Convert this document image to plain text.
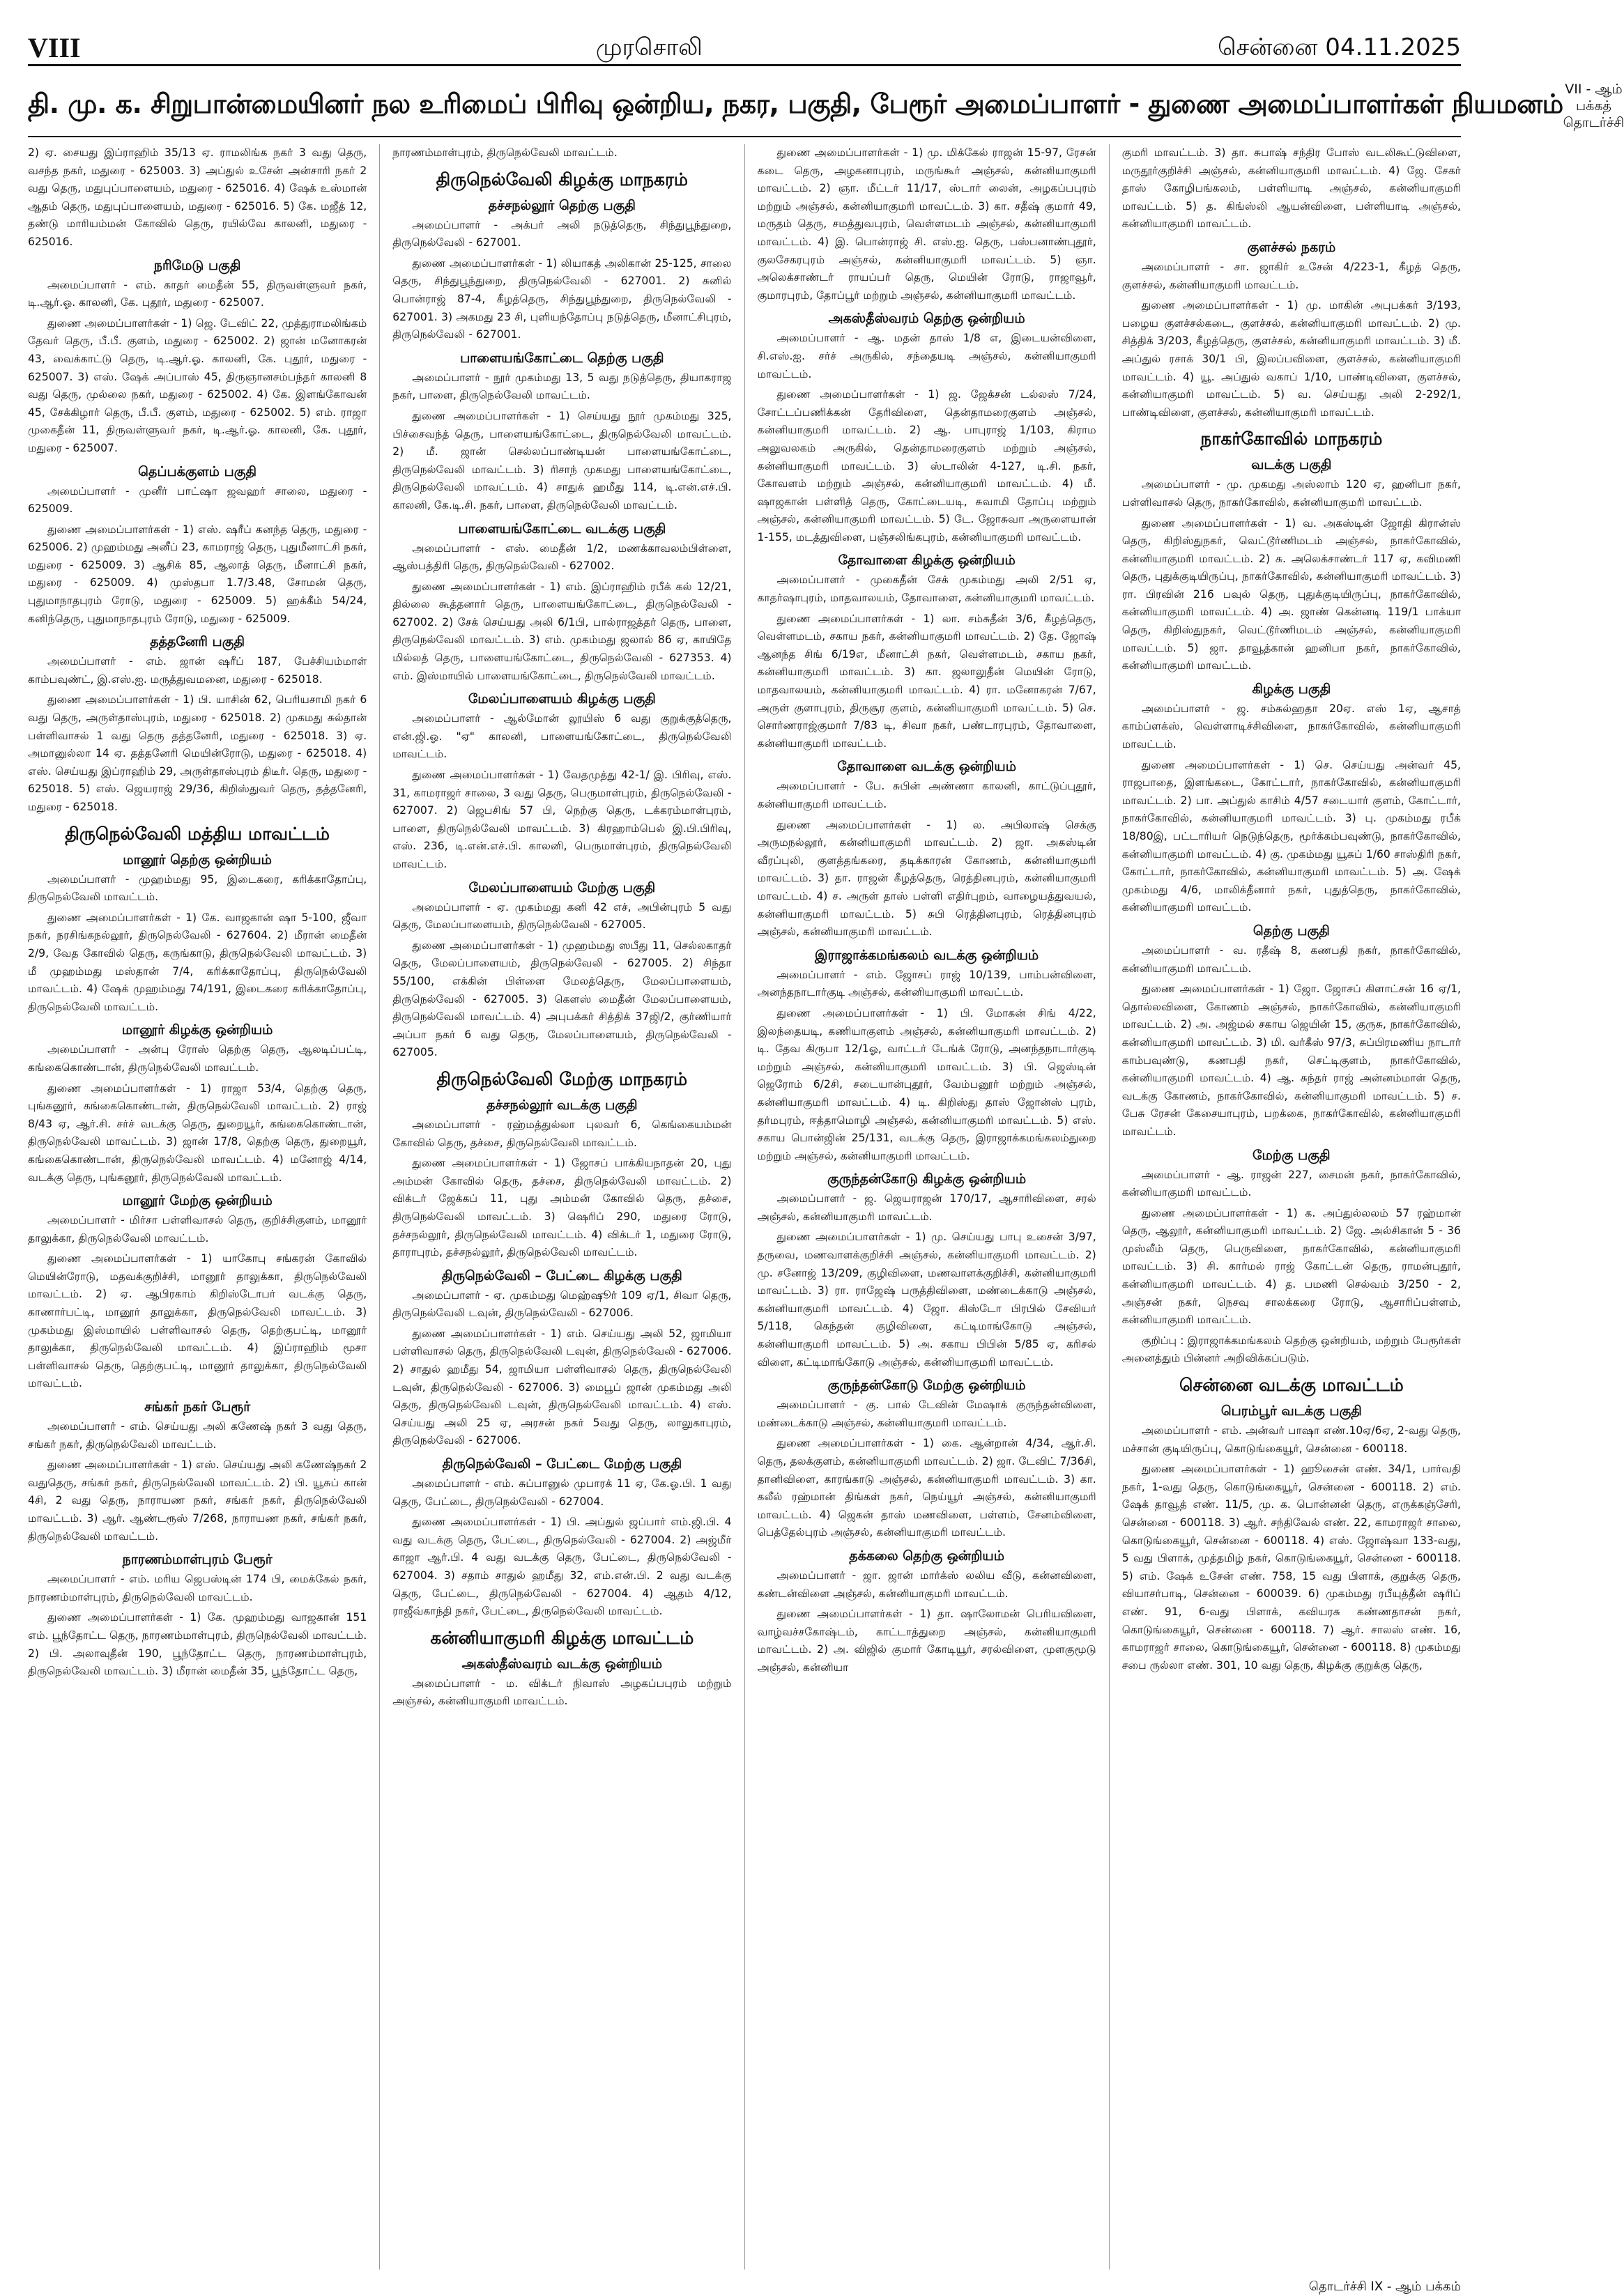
VIII	முரசொலி	சென்னை 04.11.2025
தி. மு. க. சிறுபான்மையினர் நல உரிமைப் பிரிவு ஒன்றிய, நகர, பகுதி, பேரூர் அமைப்பாளர் - துணை அமைப்பாளர்கள் நியமனம் VII - ஆம் பக்கத் தொடர்ச்சி

2) ஏ. சையது இப்ராஹிம் 35/13 ஏ. ராமலிங்க நகர் 3 வது தெரு, வசந்த நகர், மதுரை - 625003. 3) அப்துல் உசேன் அன்சாரி நகர் 2 வது தெரு, மதுபுப்பாளையம், மதுரை - 625016. 4) ஷேக் உஸ்மான் ஆதம் தெரு, மதுபுப்பாளையம், மதுரை - 625016. 5) கே. மஜீத் 12, தண்டு மாரியம்மன் கோவில் தெரு, ரயில்வே காலனி, மதுரை - 625016.

நரிமேடு பகுதி

அமைப்பாளர் - எம். காதர் மைதீன் 55, திருவள்ளுவர் நகர், டி.ஆர்.ஓ. காலனி, கே. புதூர், மதுரை - 625007.

துணை அமைப்பாளர்கள் - 1) ஜெ. டேவிட் 22, முத்துராமலிங்கம் தேவர் தெரு, பீ.பீ. குளம், மதுரை - 625002. 2) ஜான் மனோகரன் 43, வைக்காட்டு தெரு, டி.ஆர்.ஓ. காலனி, கே. புதூர், மதுரை - 625007. 3) எஸ். ஷேக் அப்பாஸ் 45, திருஞானசம்பந்தர் காலனி 8 வது தெரு, முல்லை நகர், மதுரை - 625002. 4) கே. இளங்கோவன் 45, சேக்கிழார் தெரு, பீ.பீ. குளம், மதுரை - 625002. 5) எம். ராஜா முகைதீன் 11, திருவள்ளுவர் நகர், டி.ஆர்.ஓ. காலனி, கே. புதூர், மதுரை - 625007.

தெப்பக்குளம் பகுதி

அமைப்பாளர் - முனீர் பாட்ஷா ஜவஹர் சாலை, மதுரை - 625009.

துணை அமைப்பாளர்கள் - 1) எஸ். ஷரீப் கனந்த தெரு, மதுரை - 625006. 2) முஹம்மது அனீப் 23, காமராஜ் தெரு, புதுமீனாட்சி நகர், மதுரை - 625009. 3) ஆசிக் 85, ஆலாத் தெரு, மீனாட்சி நகர், மதுரை - 625009. 4) முஸ்தபா 1.7/3.48, சோமன் தெரு, புதுமாநாதபுரம் ரோடு, மதுரை - 625009. 5) ஹக்கீம் 54/24, கனிந்தெரு, புதுமாநாதபுரம் ரோடு, மதுரை - 625009.

தத்தனேரி பகுதி

அமைப்பாளர் - எம். ஜான் ஷரீப் 187, பேச்சியம்மாள் காம்பவுண்ட், இ.எஸ்.ஐ. மருத்துவமனை, மதுரை - 625018.

துணை அமைப்பாளர்கள் - 1) பி. யாசின் 62, பெரியசாமி நகர் 6 வது தெரு, அருள்தாஸ்புரம், மதுரை - 625018. 2) முகமது சுல்தான் பள்ளிவாசல் 1 வது தெரு தத்தனேரி, மதுரை - 625018. 3) ஏ. அமானுல்லா 14 ஏ. தத்தனேரி மெயின்ரோடு, மதுரை - 625018. 4) எஸ். செய்யது இப்ராஹிம் 29, அருள்தாஸ்புரம் திடீர். தெரு, மதுரை - 625018. 5) எஸ். ஜெயராஜ் 29/36, கிறிஸ்துவர் தெரு, தத்தனேரி, மதுரை - 625018.

திருநெல்வேலி மத்திய மாவட்டம்
மானூர் தெற்கு ஒன்றியம்

அமைப்பாளர் - முஹம்மது 95, இடைகரை, கரிக்காதோப்பு, திருநெல்வேலி மாவட்டம்.

துணை அமைப்பாளர்கள் - 1) கே. வாஜகான் ஷா 5-100, ஜீவா நகர், நரசிங்கநல்லூர், திருநெல்வேலி - 627604. 2) மீரான் மைதீன் 2/9, வேத கோவில் தெரு, கருங்காடு, திருநெல்வேலி மாவட்டம். 3) மீ முஹம்மது மஸ்தான் 7/4, கரிக்காதோப்பு, திருநெல்வேலி மாவட்டம். 4) ஷேக் முஹம்மது 74/191, இடைகரை கரிக்காதோப்பு, திருநெல்வேலி மாவட்டம்.

மானூர் கிழக்கு ஒன்றியம்

அமைப்பாளர் - அன்பு ரோஸ் தெற்கு தெரு, ஆலடிப்பட்டி, கங்கைகொண்டான், திருநெல்வேலி மாவட்டம்.

துணை அமைப்பாளர்கள் - 1) ராஜா 53/4, தெற்கு தெரு, புங்கனூர், கங்கைகொண்டான், திருநெல்வேலி மாவட்டம். 2) ராஜ் 8/43 ஏ, ஆர்.சி. சர்ச் வடக்கு தெரு, துறையூர், கங்கைகொண்டான், திருநெல்வேலி மாவட்டம். 3) ஜான் 17/8, தெற்கு தெரு, துறையூர், கங்கைகொண்டான், திருநெல்வேலி மாவட்டம். 4) மனோஜ் 4/14, வடக்கு தெரு, புங்கனூர், திருநெல்வேலி மாவட்டம்.

மானூர் மேற்கு ஒன்றியம்

அமைப்பாளர் - மிர்சா பள்ளிவாசல் தெரு, குறிச்சிகுளம், மானூர் தாலுக்கா, திருநெல்வேலி மாவட்டம்.

துணை அமைப்பாளர்கள் - 1) யாகோபு சங்கரன் கோவில் மெயின்ரோடு, மதவக்குறிச்சி, மானூர் தாலுக்கா, திருநெல்வேலி மாவட்டம். 2) ஏ. ஆபிரகாம் கிறிஸ்டோபர் வடக்கு தெரு, காணார்பட்டி, மானூர் தாலுக்கா, திருநெல்வேலி மாவட்டம். 3) முகம்மது இஸ்மாயில் பள்ளிவாசல் தெரு, தெற்குபட்டி, மானூர் தாலுக்கா, திருநெல்வேலி மாவட்டம். 4) இப்ராஹிம் மூசா பள்ளிவாசல் தெரு, தெற்குபட்டி, மானூர் தாலுக்கா, திருநெல்வேலி மாவட்டம்.

சங்கர் நகர் பேரூர்

அமைப்பாளர் - எம். செய்யது அலி கணேஷ் நகர் 3 வது தெரு, சங்கர் நகர், திருநெல்வேலி மாவட்டம்.

துணை அமைப்பாளர்கள் - 1) எஸ். செய்யது அலி கணேஷ்நகர் 2 வதுதெரு, சங்கர் நகர், திருநெல்வேலி மாவட்டம். 2) பி. யூசுப் கான் 4சி, 2 வது தெரு, நாராயண நகர், சங்கர் நகர், திருநெல்வேலி மாவட்டம். 3) ஆர். ஆண்டரூஸ் 7/268, நாராயண நகர், சங்கர் நகர், திருநெல்வேலி மாவட்டம்.

நாரணம்மாள்புரம் பேரூர்

அமைப்பாளர் - எம். மரிய ஜெபஸ்டின் 174 பி, மைக்கேல் நகர், நாரணம்மாள்புரம், திருநெல்வேலி மாவட்டம்.

துணை அமைப்பாளர்கள் - 1) கே. முஹம்மது வாஜகான் 151 எம். பூந்தோட்ட தெரு, நாரணம்மாள்புரம், திருநெல்வேலி மாவட்டம். 2) பி. அலாவுதீன் 190, பூந்தோட்ட தெரு, நாரணம்மாள்புரம், திருநெல்வேலி மாவட்டம். 3) மீரான் மைதீன் 35, பூந்தோட்ட தெரு,

நாரணம்மாள்புரம், திருநெல்வேலி மாவட்டம்.

திருநெல்வேலி கிழக்கு மாநகரம்
தச்சநல்லூர் தெற்கு பகுதி

அமைப்பாளர் - அக்பர் அலி நடுத்தெரு, சிந்துபூந்துறை, திருநெல்வேலி - 627001.

துணை அமைப்பாளர்கள் - 1) லியாகத் அலிகான் 25-125, சாலை தெரு, சிந்துபூந்துறை, திருநெல்வேலி - 627001. 2) சுனில் பொன்ராஜ் 87-4, கீழத்தெரு, சிந்துபூந்துறை, திருநெல்வேலி - 627001. 3) அகமது 23 சி, புளியந்தோப்பு நடுத்தெரு, மீனாட்சிபுரம், திருநெல்வேலி - 627001.

பாளையங்கோட்டை தெற்கு பகுதி

அமைப்பாளர் - நூர் முகம்மது 13, 5 வது நடுத்தெரு, தியாகராஜ நகர், பாளை, திருநெல்வேலி மாவட்டம்.

துணை அமைப்பாளர்கள் - 1) செய்யது நூர் முகம்மது 325, பிச்சைவந்த் தெரு, பாளையங்கோட்டை, திருநெல்வேலி மாவட்டம். 2) மீ. ஜான் செல்லப்பாண்டியன் பாளையங்கோட்டை, திருநெல்வேலி மாவட்டம். 3) ரிசாந் முகமது பாளையங்கோட்டை, திருநெல்வேலி மாவட்டம். 4) சாதுக் ஹமீது 114, டி.என்.எச்.பி. காலனி, கே.டி.சி. நகர், பாளை, திருநெல்வேலி மாவட்டம்.

பாளையங்கோட்டை வடக்கு பகுதி

அமைப்பாளர் - எஸ். மைதீன் 1/2, மணக்காவலம்பிள்ளை, ஆஸ்பத்திரி தெரு, திருநெல்வேலி - 627002.

துணை அமைப்பாளர்கள் - 1) எம். இப்ராஹிம் ரபீக் கல் 12/21, தில்லை கூத்தனார் தெரு, பாளையங்கோட்டை, திருநெல்வேலி - 627002. 2) சேக் செய்யது அலி 6/1பி, பால்ராஜத்தர் தெரு, பாளை, திருநெல்வேலி மாவட்டம். 3) எம். முகம்மது ஜலால் 86 ஏ, காயிதே மில்லத் தெரு, பாளையங்கோட்டை, திருநெல்வேலி - 627353. 4) எம். இஸ்மாயில் பாளையங்கோட்டை, திருநெல்வேலி மாவட்டம்.

மேலப்பாளையம் கிழக்கு பகுதி

அமைப்பாளர் - ஆல்மோன் லூயிஸ் 6 வது குறுக்குத்தெரு, என்.ஜி.ஓ. "ஏ" காலனி, பாளையங்கோட்டை, திருநெல்வேலி மாவட்டம்.

துணை அமைப்பாளர்கள் - 1) வேதமுத்து 42-1/ இ. பிரிவு, எஸ். 31, காமராஜர் சாலை, 3 வது தெரு, பெருமாள்புரம், திருநெல்வேலி - 627007. 2) ஜெபசிங் 57 பி, நெற்கு தெரு, டக்கரம்மாள்புரம், பாளை, திருநெல்வேலி மாவட்டம். 3) கிரஹாம்பெல் இ.பி.பிரிவு, எஸ். 236, டி.என்.எச்.பி. காலனி, பெருமாள்புரம், திருநெல்வேலி மாவட்டம்.

மேலப்பாளையம் மேற்கு பகுதி

அமைப்பாளர் - ஏ. முகம்மது கனி 42 எச், அபின்புரம் 5 வது தெரு, மேலப்பாளையம், திருநெல்வேலி - 627005.

துணை அமைப்பாளர்கள் - 1) முஹம்மது ஸபீது 11, செல்லகாதர் தெரு, மேலப்பாளையம், திருநெல்வேலி - 627005. 2) சிந்தா 55/100, எக்கின் பிள்ளை மேலத்தெரு, மேலப்பாளையம், திருநெல்வேலி - 627005. 3) கௌஸ் மைதீன் மேலப்பாளையம், திருநெல்வேலி மாவட்டம். 4) அபுபக்கர் சித்திக் 37ஜி/2, குர்ணியார் அப்பா நகர் 6 வது தெரு, மேலப்பாளையம், திருநெல்வேலி - 627005.

திருநெல்வேலி மேற்கு மாநகரம்
தச்சநல்லூர் வடக்கு பகுதி

அமைப்பாளர் - ரஹ்மத்துல்லா புலவர் 6, கெங்கையம்மன் கோவில் தெரு, தச்சை, திருநெல்வேலி மாவட்டம்.

துணை அமைப்பாளர்கள் - 1) ஜோசப் பாக்கியநாதன் 20, புது அம்மன் கோவில் தெரு, தச்சை, திருநெல்வேலி மாவட்டம். 2) விக்டர் ஜேக்கப் 11, புது அம்மன் கோவில் தெரு, தச்சை, திருநெல்வேலி மாவட்டம். 3) ஷெரிப் 290, மதுரை ரோடு, தச்சநல்லூர், திருநெல்வேலி மாவட்டம். 4) விக்டர் 1, மதுரை ரோடு, தாராபுரம், தச்சநல்லூர், திருநெல்வேலி மாவட்டம்.

திருநெல்வேலி – பேட்டை கிழக்கு பகுதி

அமைப்பாளர் - ஏ. முகம்மது மெஹ்ஷூர் 109 ஏ/1, சிவா தெரு, திருநெல்வேலி டவுன், திருநெல்வேலி - 627006.

துணை அமைப்பாளர்கள் - 1) எம். செய்யது அலி 52, ஜாமியா பள்ளிவாசல் தெரு, திருநெல்வேலி டவுன், திருநெல்வேலி - 627006. 2) சாதுல் ஹமீது 54, ஜாமியா பள்ளிவாசல் தெரு, திருநெல்வேலி டவுன், திருநெல்வேலி - 627006. 3) மைபூப் ஜான் முகம்மது அலி தெரு, திருநெல்வேலி டவுன், திருநெல்வேலி மாவட்டம். 4) எஸ். செய்யது அலி 25 ஏ, அரசன் நகர் 5வது தெரு, லாலுகாபுரம், திருநெல்வேலி - 627006.

திருநெல்வேலி – பேட்டை மேற்கு பகுதி

அமைப்பாளர் - எம். சுப்பானுல் முபாரக் 11 ஏ, கே.ஓ.பி. 1 வது தெரு, பேட்டை, திருநெல்வேலி - 627004.

துணை அமைப்பாளர்கள் - 1) பி. அப்துல் ஜப்பார் எம்.ஜி.பி. 4 வது வடக்கு தெரு, பேட்டை, திருநெல்வேலி - 627004. 2) அஜ்மீர் காஜா ஆர்.பி. 4 வது வடக்கு தெரு, பேட்டை, திருநெல்வேலி - 627004. 3) சதாம் சாதுல் ஹமீது 32, எம்.என்.பி. 2 வது வடக்கு தெரு, பேட்டை, திருநெல்வேலி - 627004. 4) ஆதம் 4/12, ராஜீவ்காந்தி நகர், பேட்டை, திருநெல்வேலி மாவட்டம்.

கன்னியாகுமரி கிழக்கு மாவட்டம்
அகஸ்தீஸ்வரம் வடக்கு ஒன்றியம்

அமைப்பாளர் - ம. விக்டர் நிவாஸ் அழகப்பபுரம் மற்றும் அஞ்சல், கன்னியாகுமரி மாவட்டம்.

துணை அமைப்பாளர்கள் - 1) மு. மிக்கேல் ராஜன் 15-97, ரேசன் கடை தெரு, அழகனாபுரம், மருங்கூர் அஞ்சல், கன்னியாகுமரி மாவட்டம். 2) ஞா. மீட்டர் 11/17, ஸ்டார் லைன், அழகப்பபுரம் மற்றும் அஞ்சல், கன்னியாகுமரி மாவட்டம். 3) கா. சதீஷ் குமார் 49, மருதம் தெரு, சமத்துவபுரம், வெள்ளமடம் அஞ்சல், கன்னியாகுமரி மாவட்டம். 4) இ. பொன்ராஜ் சி. எஸ்.ஐ. தெரு, பஸ்பனாண்புதூர், குலசேகரபுரம் அஞ்சல், கன்னியாகுமரி மாவட்டம். 5) ஞா. அலெக்சாண்டர் ராயப்பர் தெரு, மெயின் ரோடு, ராஜாவூர், குமாரபுரம், தோப்பூர் மற்றும் அஞ்சல், கன்னியாகுமரி மாவட்டம்.

அகஸ்தீஸ்வரம் தெற்கு ஒன்றியம்

அமைப்பாளர் - ஆ. மதன் தாஸ் 1/8 எ, இடையன்விளை, சி.எஸ்.ஐ. சர்ச் அருகில், சந்தையடி அஞ்சல், கன்னியாகுமரி மாவட்டம்.

துணை அமைப்பாளர்கள் - 1) ஜ. ஜேக்சன் டல்லஸ் 7/24, சோட்டப்பணிக்கன் தேரிவிளை, தென்தாமரைகுளம் அஞ்சல், கன்னியாகுமரி மாவட்டம். 2) ஆ. பாபுராஜ் 1/103, கிராம அலுவலகம் அருகில், தென்தாமரைகுளம் மற்றும் அஞ்சல், கன்னியாகுமரி மாவட்டம். 3) ஸ்டாலின் 4-127, டி.சி. நகர், கோவளம் மற்றும் அஞ்சல், கன்னியாகுமரி மாவட்டம். 4) மீ. ஷாஜகான் பள்ளித் தெரு, கோட்டையடி, சுவாமி தோப்பு மற்றும் அஞ்சல், கன்னியாகுமரி மாவட்டம். 5) டே. ஜோசுவா அருளையான் 1-155, மடத்துவிளை, பஞ்சலிங்கபுரம், கன்னியாகுமரி மாவட்டம்.

தோவாளை கிழக்கு ஒன்றியம்

அமைப்பாளர் - முகைதீன் சேக் முகம்மது அலி 2/51 ஏ, காதர்ஷாபுரம், மாதவாலயம், தோவாளை, கன்னியாகுமரி மாவட்டம்.

துணை அமைப்பாளர்கள் - 1) லா. சம்சுதீன் 3/6, கீழத்தெரு, வெள்ளமடம், சகாய நகர், கன்னியாகுமரி மாவட்டம். 2) தே. ஜோஷ் ஆனந்த சிங் 6/19எ, மீனாட்சி நகர், வெள்ளமடம், சகாய நகர், கன்னியாகுமரி மாவட்டம். 3) கா. ஜலாலுதீன் மெயின் ரோடு, மாதவாலயம், கன்னியாகுமரி மாவட்டம். 4) ரா. மனோகரன் 7/67, அருள் குளாபுரம், திருசூர குளம், கன்னியாகுமரி மாவட்டம். 5) செ. சொர்ணராஜ்குமார் 7/83 டி, சிவா நகர், பண்டாரபுரம், தோவாளை, கன்னியாகுமரி மாவட்டம்.

தோவாளை வடக்கு ஒன்றியம்

அமைப்பாளர் - பே. சுபின் அண்ணா காலனி, காட்டுப்புதூர், கன்னியாகுமரி மாவட்டம்.

துணை அமைப்பாளர்கள் - 1) ல. அபிலாஷ் செக்கு அருமநல்லூர், கன்னியாகுமரி மாவட்டம். 2) ஜா. அகஸ்டின் வீரப்புலி, குளத்தங்கரை, தடிக்காரன் கோணம், கன்னியாகுமரி மாவட்டம். 3) தா. ராஜன் கீழத்தெரு, ரெத்தினபுரம், கன்னியாகுமரி மாவட்டம். 4) ச. அருள் தாஸ் பள்ளி எதிர்புறம், வாழையத்துவயல், கன்னியாகுமரி மாவட்டம். 5) சுபி ரெத்தினபுரம், ரெத்தினபுரம் அஞ்சல், கன்னியாகுமரி மாவட்டம்.

இராஜாக்கமங்கலம் வடக்கு ஒன்றியம்

அமைப்பாளர் - எம். ஜோசப் ராஜ் 10/139, பாம்பன்விளை, அனந்தநாடார்குடி அஞ்சல், கன்னியாகுமரி மாவட்டம்.

துணை அமைப்பாளர்கள் - 1) பி. மோகன் சிங் 4/22, இலந்தையடி, கணியாகுளம் அஞ்சல், கன்னியாகுமரி மாவட்டம். 2) டி. தேவ கிருபா 12/1ஓ, வாட்டர் டேங்க் ரோடு, அனந்தநாடார்குடி மற்றும் அஞ்சல், கன்னியாகுமரி மாவட்டம். 3) பி. ஜெஸ்டின் ஜெரோம் 6/2சி, சடையான்புதூர், வேம்பனூர் மற்றும் அஞ்சல், கன்னியாகுமரி மாவட்டம். 4) டி. கிறிஸ்து தாஸ் ஜோன்ஸ் புரம், தர்மபுரம், ஈத்தாமொழி அஞ்சல், கன்னியாகுமரி மாவட்டம். 5) எஸ். சகாய பொன்ஜின் 25/131, வடக்கு தெரு, இராஜாக்கமங்கலம்துறை மற்றும் அஞ்சல், கன்னியாகுமரி மாவட்டம்.

குருந்தன்கோடு கிழக்கு ஒன்றியம்

அமைப்பாளர் - ஜ. ஜெயராஜன் 170/17, ஆசாரிவிளை, சரல் அஞ்சல், கன்னியாகுமரி மாவட்டம்.

துணை அமைப்பாளர்கள் - 1) மு. செய்யது பாபு உசைன் 3/97, தருவை, மணவாளக்குறிச்சி அஞ்சல், கன்னியாகுமரி மாவட்டம். 2) மு. சனோஜ் 13/209, குழிவிளை, மணவாளக்குறிச்சி, கன்னியாகுமரி மாவட்டம். 3) ரா. ராஜேஷ் பருத்திவிளை, மண்டைக்காடு அஞ்சல், கன்னியாகுமரி மாவட்டம். 4) ஜோ. கிஸ்டோ பிரபில் சேவியர் 5/118, கெந்தன் குழிவிளை, கட்டிமாங்கோடு அஞ்சல், கன்னியாகுமரி மாவட்டம். 5) அ. சகாய பிபின் 5/85 ஏ, கரிசல் விளை, கட்டிமாங்கோடு அஞ்சல், கன்னியாகுமரி மாவட்டம்.

குருந்தன்கோடு மேற்கு ஒன்றியம்

அமைப்பாளர் - கு. பால் டேவின் மேஷாக் குருந்தன்விளை, மண்டைக்காடு அஞ்சல், கன்னியாகுமரி மாவட்டம்.

துணை அமைப்பாளர்கள் - 1) கை. ஆன்றான் 4/34, ஆர்.சி. தெரு, தலக்குளம், கன்னியாகுமரி மாவட்டம். 2) ஜா. டேவிட் 7/36சி, தானிவிளை, காரங்காடு அஞ்சல், கன்னியாகுமரி மாவட்டம். 3) கா. கலீல் ரஹ்மான் திங்கள் நகர், நெய்யூர் அஞ்சல், கன்னியாகுமரி மாவட்டம். 4) ஜெகன் தாஸ் மணவிளை, பள்ளம், சேனம்விளை, பெத்தேல்புரம் அஞ்சல், கன்னியாகுமரி மாவட்டம்.

தக்கலை தெற்கு ஒன்றியம்

அமைப்பாளர் - ஜா. ஜான் மார்க்ஸ் லலிய வீடு, கன்னவிளை, கண்டன்விளை அஞ்சல், கன்னியாகுமரி மாவட்டம்.

துணை அமைப்பாளர்கள் - 1) தா. ஷாலோமன் பெரியவிளை, வாழ்வச்சகோஷ்டம், காட்டாத்துறை அஞ்சல், கன்னியாகுமரி மாவட்டம். 2) அ. விஜில் குமார் கோடியூர், சரல்விளை, முளகுமூடு அஞ்சல், கன்னியா

குமரி மாவட்டம். 3) தா. சுபாஷ் சந்திர போஸ் வடலிகூட்டுவிளை, மருதூர்குறிச்சி அஞ்சல், கன்னியாகுமரி மாவட்டம். 4) ஜே. சேகர் தாஸ் கோழிபங்கலம், பள்ளியாடி அஞ்சல், கன்னியாகுமரி மாவட்டம். 5) த. கிங்ஸ்லி ஆயன்விளை, பள்ளியாடி அஞ்சல், கன்னியாகுமரி மாவட்டம்.

குளச்சல் நகரம்

அமைப்பாளர் - சா. ஜாகிர் உசேன் 4/223-1, கீழத் தெரு, குளச்சல், கன்னியாகுமரி மாவட்டம்.

துணை அமைப்பாளர்கள் - 1) மு. மாகின் அபுபக்கர் 3/193, பழைய குளச்சல்கடை, குளச்சல், கன்னியாகுமரி மாவட்டம். 2) மு. சித்திக் 3/203, கீழத்தெரு, குளச்சல், கன்னியாகுமரி மாவட்டம். 3) மீ. அப்துல் ரசாக் 30/1 பி, இலப்பவிளை, குளச்சல், கன்னியாகுமரி மாவட்டம். 4) யூ. அப்துல் வகாப் 1/10, பாண்டிவிளை, குளச்சல், கன்னியாகுமரி மாவட்டம். 5) வ. செய்யது அலி 2-292/1, பாண்டிவிளை, குளச்சல், கன்னியாகுமரி மாவட்டம்.

நாகர்கோவில் மாநகரம்
வடக்கு பகுதி

அமைப்பாளர் - மு. முகமது அஸ்லாம் 120 ஏ, ஹனிபா நகர், பள்ளிவாசல் தெரு, நாகர்கோவில், கன்னியாகுமரி மாவட்டம்.

துணை அமைப்பாளர்கள் - 1) வ. அகஸ்டின் ஜோதி கிரான்ஸ் தெரு, கிறிஸ்துநகர், வெட்டூர்ணிமடம் அஞ்சல், நாகர்கோவில், கன்னியாகுமரி மாவட்டம். 2) சு. அலெக்சாண்டர் 117 ஏ, கவிமணி தெரு, புதுக்குடியிருப்பு, நாகர்கோவில், கன்னியாகுமரி மாவட்டம். 3) ரா. பிரவின் 216 பவுல் தெரு, புதுக்குடியிருப்பு, நாகர்கோவில், கன்னியாகுமரி மாவட்டம். 4) அ. ஜாண் கென்னடி 119/1 பாக்யா தெரு, கிறிஸ்துநகர், வெட்டூர்ணிமடம் அஞ்சல், கன்னியாகுமரி மாவட்டம். 5) ஜா. தாவூத்கான் ஹனிபா நகர், நாகர்கோவில், கன்னியாகுமரி மாவட்டம்.

கிழக்கு பகுதி

அமைப்பாளர் - ஜ. சம்சுல்ஹதா 20ஏ. எஸ் 1ஏ, ஆசாத் காம்ப்ளக்ஸ், வெள்ளாடிச்சிவிளை, நாகர்கோவில், கன்னியாகுமரி மாவட்டம்.

துணை அமைப்பாளர்கள் - 1) செ. செய்யது அன்வர் 45, ராஜபாதை, இளங்கடை, கோட்டார், நாகர்கோவில், கன்னியாகுமரி மாவட்டம். 2) பா. அப்துல் காசிம் 4/57 சடையார் குளம், கோட்டார், நாகர்கோவில், கன்னியாகுமரி மாவட்டம். 3) பு. முகம்மது ரபீக் 18/80இ, பட்டாரியர் நெடுந்தெரு, மூர்க்கம்பவுண்டு, நாகர்கோவில், கன்னியாகுமரி மாவட்டம். 4) கு. முகம்மது யூசுப் 1/60 சாஸ்திரி நகர், கோட்டார், நாகர்கோவில், கன்னியாகுமரி மாவட்டம். 5) அ. ஷேக் முகம்மது 4/6, மாலிக்தீனார் நகர், புதுத்தெரு, நாகர்கோவில், கன்னியாகுமரி மாவட்டம்.

தெற்கு பகுதி

அமைப்பாளர் - வ. ரதீஷ் 8, கணபதி நகர், நாகர்கோவில், கன்னியாகுமரி மாவட்டம்.

துணை அமைப்பாளர்கள் - 1) ஜோ. ஜோசப் கிளாட்சன் 16 ஏ/1, தொல்லவிளை, கோணம் அஞ்சல், நாகர்கோவில், கன்னியாகுமரி மாவட்டம். 2) அ. அஜ்மல் சகாய ஜெயின் 15, குருசு, நாகர்கோவில், கன்னியாகுமரி மாவட்டம். 3) மி. வர்கீஸ் 97/3, சுப்பிரமணிய நாடார் காம்பவுண்டு, கணபதி நகர், செட்டிகுளம், நாகர்கோவில், கன்னியாகுமரி மாவட்டம். 4) ஆ. சுந்தர் ராஜ் அன்னம்மாள் தெரு, வடக்கு கோணம், நாகர்கோவில், கன்னியாகுமரி மாவட்டம். 5) ச. பேசு ரேசன் கேசையாபுரம், பறக்கை, நாகர்கோவில், கன்னியாகுமரி மாவட்டம்.

மேற்கு பகுதி

அமைப்பாளர் - ஆ. ராஜன் 227, சைமன் நகர், நாகர்கோவில், கன்னியாகுமரி மாவட்டம்.

துணை அமைப்பாளர்கள் - 1) க. அப்துல்லலம் 57 ரஹ்மான் தெரு, ஆலூர், கன்னியாகுமரி மாவட்டம். 2) ஜே. அல்சிகான் 5 - 36 முஸ்லீம் தெரு, பெருவிளை, நாகர்கோவில், கன்னியாகுமரி மாவட்டம். 3) சி. கார்மல் ராஜ் கோட்டன் தெரு, ராமன்புதூர், கன்னியாகுமரி மாவட்டம். 4) த. பமணி செல்வம் 3/250 - 2, அஞ்சன் நகர், நெசவு சாலக்கரை ரோடு, ஆசாரிப்பள்ளம், கன்னியாகுமரி மாவட்டம்.

குறிப்பு : இராஜாக்கமங்கலம் தெற்கு ஒன்றியம், மற்றும் பேரூர்கள் அனைத்தும் பின்னர் அறிவிக்கப்படும்.

சென்னை வடக்கு மாவட்டம்
பெரம்பூர் வடக்கு பகுதி

அமைப்பாளர் - எம். அன்வர் பாஷா எண்.10ஏ/6ஏ, 2-வது தெரு, மச்சான் குடியிருப்பு, கொடுங்கையூர், சென்னை - 600118.

துணை அமைப்பாளர்கள் - 1) ஹூசைன் எண். 34/1, பார்வதி நகர், 1-வது தெரு, கொடுங்கையூர், சென்னை - 600118. 2) எம். ஷேக் தாவூத் எண். 11/5, மு. க. பொன்னன் தெரு, எருக்கஞ்சேரி, சென்னை - 600118. 3) ஆர். சந்திவேல் எண். 22, காமராஜர் சாலை, கொடுங்கையூர், சென்னை - 600118. 4) எஸ். ஜோஷ்வா 133-வது, 5 வது பிளாக், முத்தமிழ் நகர், கொடுங்கையூர், சென்னை - 600118. 5) எம். ஷேக் உசேன் எண். 758, 15 வது பிளாக், குறுக்கு தெரு, வியாசர்பாடி, சென்னை - 600039. 6) முகம்மது ரபீயுத்தீன் ஷரிப் எண். 91, 6-வது பிளாக், கவியரசு கண்ணதாசன் நகர், கொடுங்கையூர், சென்னை - 600118. 7) ஆர். சாலஸ் எண். 16, காமராஜர் சாலை, கொடுங்கையூர், சென்னை - 600118. 8) முகம்மது சபை ருல்லா எண். 301, 10 வது தெரு, கிழக்கு குறுக்கு தெரு,

தொடர்ச்சி IX - ஆம் பக்கம்
